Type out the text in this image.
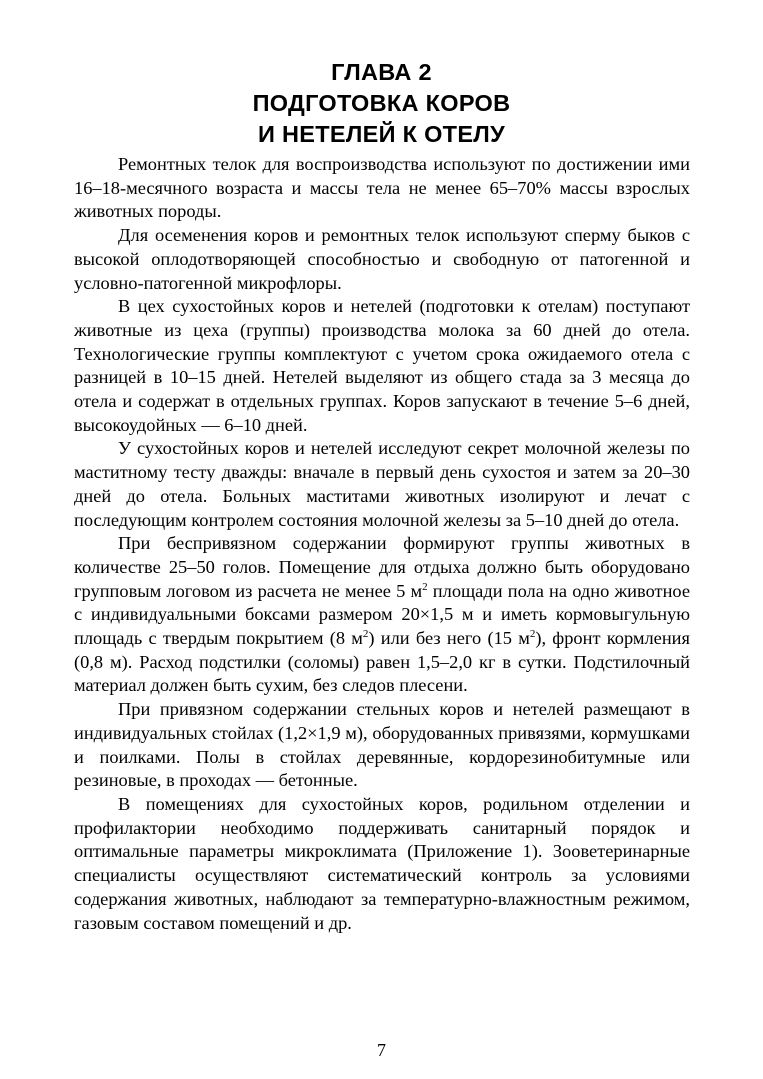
ГЛАВА 2
ПОДГОТОВКА КОРОВ
И НЕТЕЛЕЙ К ОТЕЛУ

Ремонтных телок для воспроизводства используют по достижении ими 16–18-месячного возраста и массы тела не менее 65–70% массы взрослых животных породы.

Для осеменения коров и ремонтных телок используют сперму быков с высокой оплодотворяющей способностью и свободную от патогенной и условно-патогенной микрофлоры.

В цех сухостойных коров и нетелей (подготовки к отелам) поступают животные из цеха (группы) производства молока за 60 дней до отела. Технологические группы комплектуют с учетом срока ожидаемого отела с разницей в 10–15 дней. Нетелей выделяют из общего стада за 3 месяца до отела и содержат в отдельных группах. Коров запускают в течение 5–6 дней, высокоудойных — 6–10 дней.

У сухостойных коров и нетелей исследуют секрет молочной железы по маститному тесту дважды: вначале в первый день сухостоя и затем за 20–30 дней до отела. Больных маститами животных изолируют и лечат с последующим контролем состояния молочной железы за 5–10 дней до отела.

При беспривязном содержании формируют группы животных в количестве 25–50 голов. Помещение для отдыха должно быть оборудовано групповым логовом из расчета не менее 5 $м^2$ площади пола на одно животное с индивидуальными боксами размером 20×1,5 м и иметь кормовыгульную площадь с твердым покрытием (8 $м^2$) или без него (15 $м^2$), фронт кормления (0,8 м). Расход подстилки (соломы) равен 1,5–2,0 кг в сутки. Подстилочный материал должен быть сухим, без следов плесени.

При привязном содержании стельных коров и нетелей размещают в индивидуальных стойлах (1,2×1,9 м), оборудованных привязями, кормушками и поилками. Полы в стойлах деревянные, кордорезинобитумные или резиновые, в проходах — бетонные.

В помещениях для сухостойных коров, родильном отделении и профилактории необходимо поддерживать санитарный порядок и оптимальные параметры микроклимата (Приложение 1). Зооветеринарные специалисты осуществляют систематический контроль за условиями содержания животных, наблюдают за температурно-влажностным режимом, газовым составом помещений и др.

7
